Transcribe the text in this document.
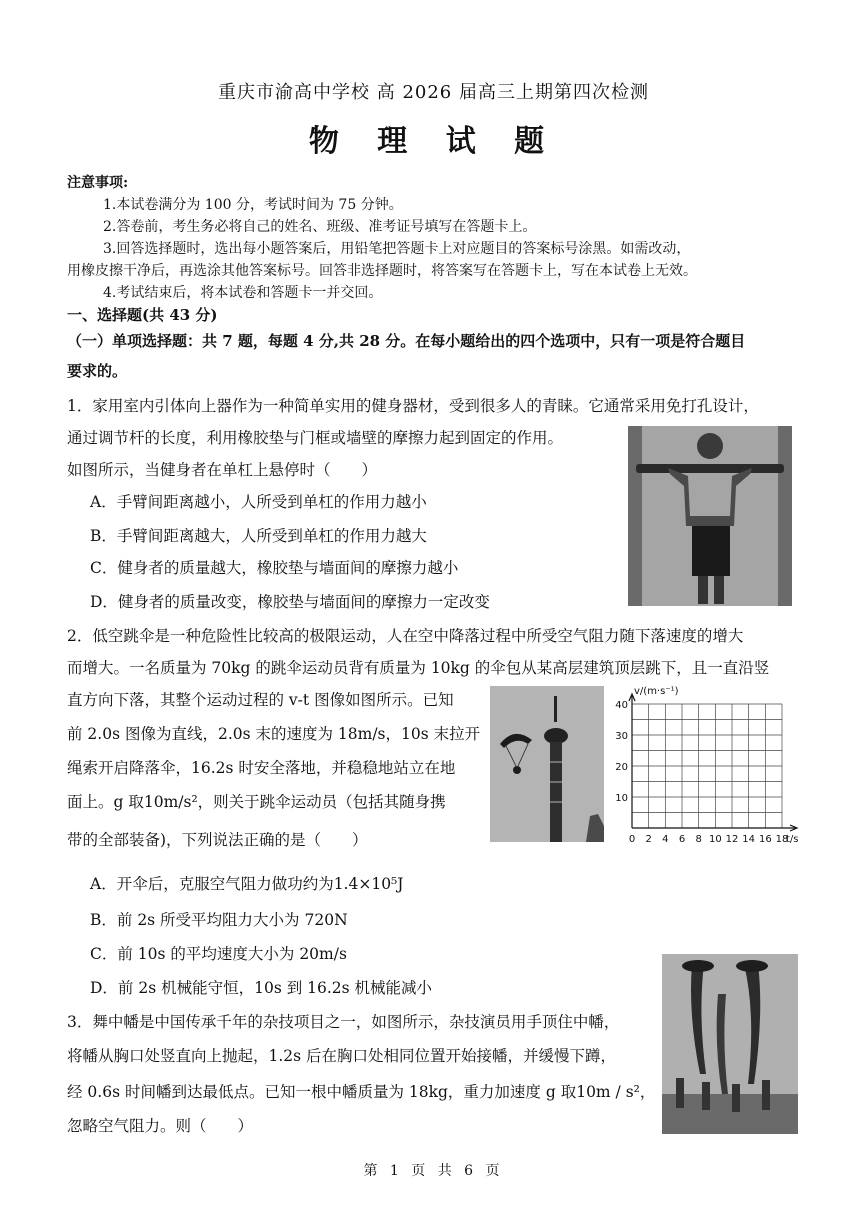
重庆市渝高中学校 高 2026 届高三上期第四次检测
物 理 试 题
注意事项:
1.本试卷满分为 100 分，考试时间为 75 分钟。
2.答卷前，考生务必将自己的姓名、班级、准考证号填写在答题卡上。
3.回答选择题时，选出每小题答案后，用铅笔把答题卡上对应题目的答案标号涂黑。如需改动，
用橡皮擦干净后，再选涂其他答案标号。回答非选择题时，将答案写在答题卡上，写在本试卷上无效。
4.考试结束后，将本试卷和答题卡一并交回。
一、选择题(共 43 分)
（一）单项选择题：共 7 题，每题 4 分,共 28 分。在每小题给出的四个选项中，只有一项是符合题目
要求的。
1．家用室内引体向上器作为一种简单实用的健身器材，受到很多人的青睐。它通常采用免打孔设计，
通过调节杆的长度，利用橡胶垫与门框或墙壁的摩擦力起到固定的作用。
如图所示，当健身者在单杠上悬停时（　　）
A．手臂间距离越小，人所受到单杠的作用力越小
B．手臂间距离越大，人所受到单杠的作用力越大
C．健身者的质量越大，橡胶垫与墙面间的摩擦力越小
D．健身者的质量改变，橡胶垫与墙面间的摩擦力一定改变
2．低空跳伞是一种危险性比较高的极限运动，人在空中降落过程中所受空气阻力随下落速度的增大
而增大。一名质量为 70kg 的跳伞运动员背有质量为 10kg 的伞包从某高层建筑顶层跳下，且一直沿竖
直方向下落，其整个运动过程的 v-t 图像如图所示。已知
前 2.0s 图像为直线，2.0s 末的速度为 18m/s，10s 末拉开
绳索开启降落伞，16.2s 时安全落地，并稳稳地站立在地
面上。g 取10m/s²，则关于跳伞运动员（包括其随身携
带的全部装备)，下列说法正确的是（　　）
A．开伞后，克服空气阻力做功约为1.4×10⁵J
B．前 2s 所受平均阻力大小为 720N
C．前 10s 的平均速度大小为 20m/s
D．前 2s 机械能守恒，10s 到 16.2s 机械能减小
v/(m·s⁻¹)
t/s
0 2 4 6 8 10 12 14 16 18
10
20
30
40
3．舞中幡是中国传承千年的杂技项目之一，如图所示，杂技演员用手顶住中幡，
将幡从胸口处竖直向上抛起，1.2s 后在胸口处相同位置开始接幡，并缓慢下蹲，
经 0.6s 时间幡到达最低点。已知一根中幡质量为 18kg，重力加速度 g 取10m / s²，
忽略空气阻力。则（　　）
第 1 页 共 6 页
